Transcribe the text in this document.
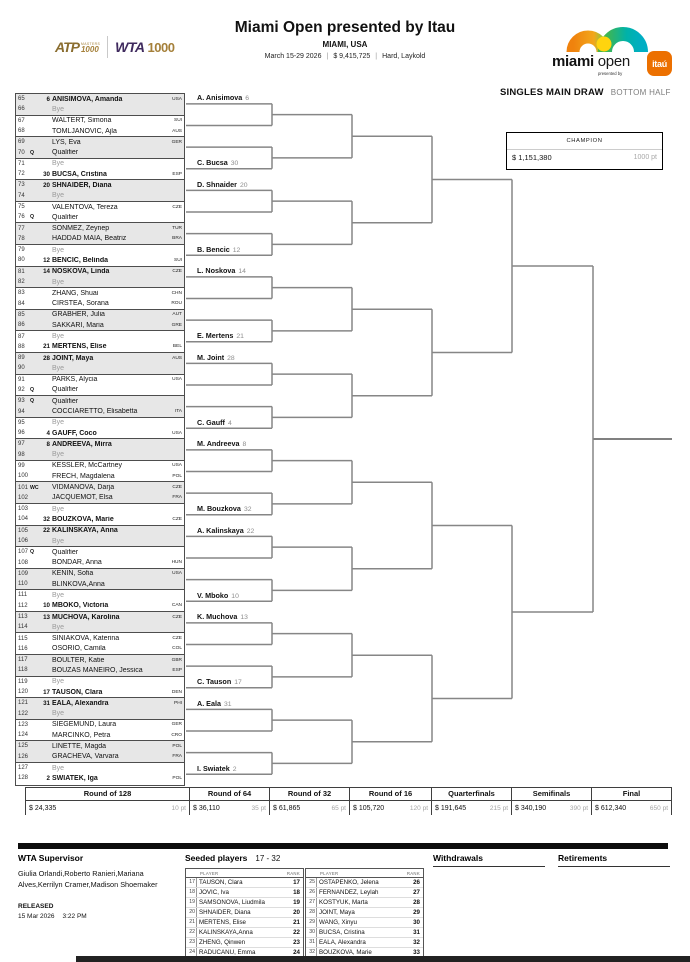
ATP MASTERS
1000 WTA 1000
Miami Open presented by Itau
MIAMI, USA
March 15-29 2026 | $ 9,415,725 | Hard, Laykold	miami open
presented by
itaú
SINGLES MAIN DRAW BOTTOM HALF
CHAMPION
$ 1,151,380	1000 pt
65	6 ANISIMOVA, Amanda	USA
66	Bye
67	WALTERT, Simona	SUI
68	TOMLJANOVIC, Ajla	AUS
69	LYS, Eva	GER
70	Q	Qualifier
71	Bye
72	30 BUCSA, Cristina	ESP
73	20 SHNAIDER, Diana
74	Bye
75	VALENTOVA, Tereza	CZE
76	Q	Qualifier
77	SONMEZ, Zeynep	TUR
78	HADDAD MAIA, Beatriz	BRA
79	Bye
80	12 BENCIC, Belinda	SUI
81	14 NOSKOVA, Linda	CZE
82	Bye
83	ZHANG, Shuai	CHN
84	CIRSTEA, Sorana	ROU
85	GRABHER, Julia	AUT
86	SAKKARI, Maria	GRE
87	Bye
88	21 MERTENS, Elise	BEL
89	28 JOINT, Maya	AUS
90	Bye
91	PARKS, Alycia	USA
92	Q	Qualifier
93	Q	Qualifier
94	COCCIARETTO, Elisabetta	ITA
95	Bye
96	4 GAUFF, Coco	USA
97	8 ANDREEVA, Mirra
98	Bye
99	KESSLER, McCartney	USA
100	FRECH, Magdalena	POL
101 WC VIDMANOVA, Darja	CZE
102	JACQUEMOT, Elsa	FRA
103	Bye
104	32 BOUZKOVA, Marie	CZE
105	22 KALINSKAYA, Anna
106	Bye
107 Q	Qualifier
108	BONDAR, Anna	HUN
109	KENIN, Sofia	USA
110	BLINKOVA,Anna
111	Bye
112	10 MBOKO, Victoria	CAN
113	13 MUCHOVA, Karolina	CZE
114	Bye
115	SINIAKOVA, Katerina	CZE
116	OSORIO, Camila	COL
117	BOULTER, Katie	GBR
118	BOUZAS MANEIRO, Jessica	ESP
119	Bye
120	17 TAUSON, Clara	DEN
121	31 EALA, Alexandra	PHI
122	Bye
123	SIEGEMUND, Laura	GER
124	MARCINKO, Petra	CRO
125	LINETTE, Magda	POL
126	GRACHEVA, Varvara	FRA
127	Bye
128	2 SWIATEK, Iga	POL
A. Anisimova 6
C. Bucsa 30
D. Shnaider 20
B. Bencic 12
L. Noskova 14
E. Mertens 21
M. Joint 28
C. Gauff 4
M. Andreeva 8
M. Bouzkova 32
A. Kalinskaya 22
V. Mboko 10
K. Muchova 13
C. Tauson 17
A. Eala 31
I. Swiatek 2
Round of 128
$ 24,335	10 pt
Round of 64
$ 36,110	35 pt
Round of 32
$ 61,865	65 pt
Round of 16
$ 105,720	120 pt
Quarterfinals
$ 191,645	215 pt
Semifinals
$ 340,190	390 pt
Final
$ 612,340	650 pt
WTA Supervisor
Giulia Orlandi,Roberto Ranieri,Mariana Alves,Kerrilyn Cramer,Madison Shoemaker
RELEASED
15 Mar 2026 3:22 PM
Seeded players 17 - 32
PLAYER	RANK
17 TAUSON, Clara	17
18 JOVIC, Iva	18
19 SAMSONOVA, Liudmila	19
20 SHNAIDER, Diana	20
21 MERTENS, Elise	21
22 KALINSKAYA,Anna	22
23 ZHENG, Qinwen	23
24 RADUCANU, Emma	24
PLAYER	RANK
25 OSTAPENKO, Jelena	26
26 FERNANDEZ, Leylah	27
27 KOSTYUK, Marta	28
28 JOINT, Maya	29
29 WANG, Xinyu	30
30 BUCSA, Cristina	31
31 EALA, Alexandra	32
32 BOUZKOVA, Marie	33
Withdrawals	Retirements
